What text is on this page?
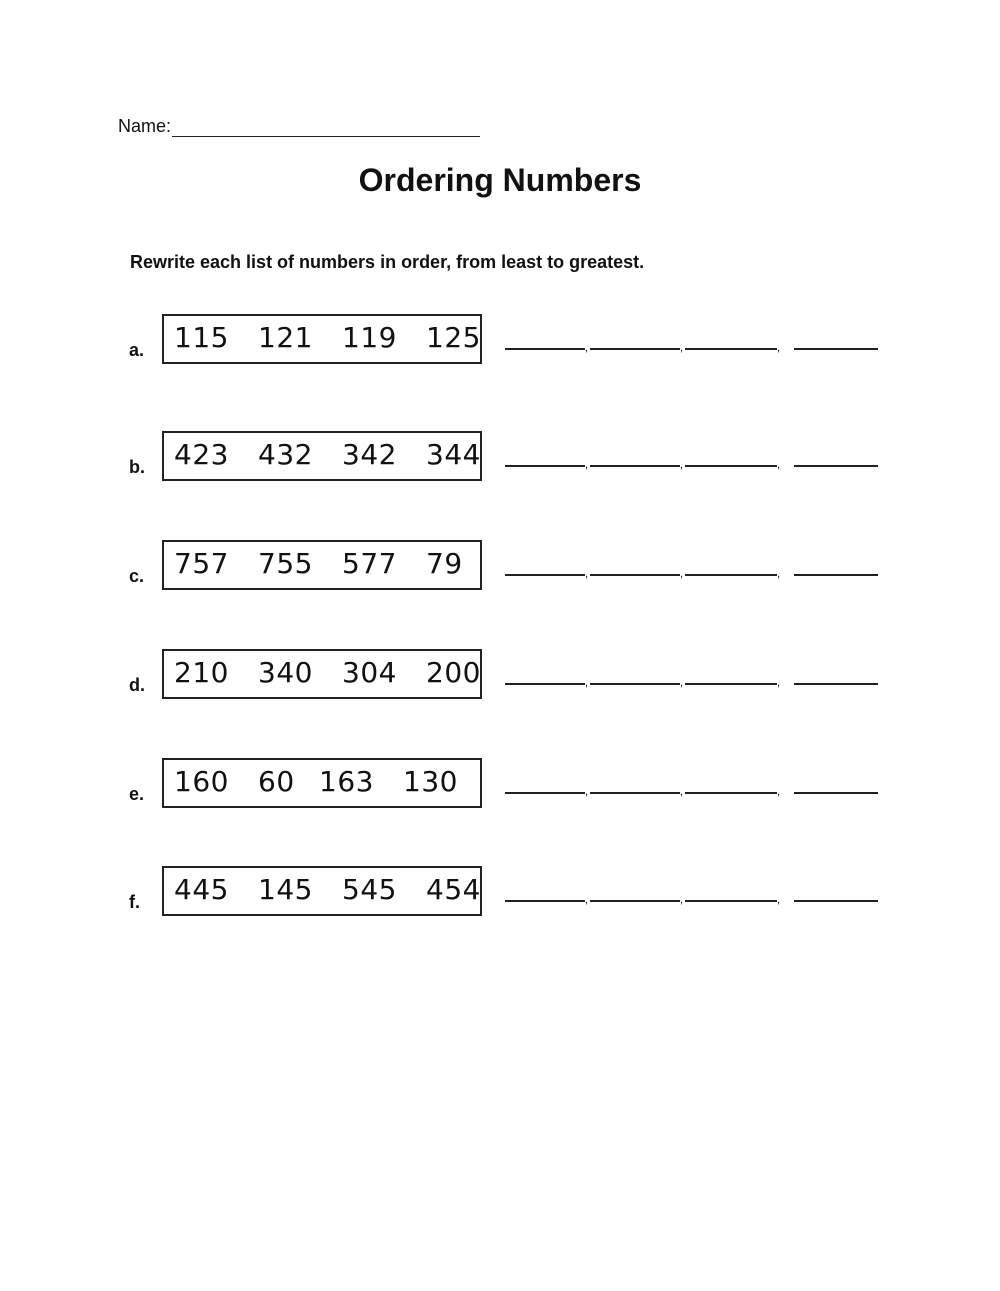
Name:
Ordering Numbers
Rewrite each list of numbers in order, from least to greatest.
a. 115 121 119 125	,	,	,
b. 423 432 342 344	,	,	,
c. 757 755 577 79	,	,	,
d. 210 340 304 200	,	,	,
e. 160 60 163 130	,	,	,
f. 445 145 545 454	,	,	,
